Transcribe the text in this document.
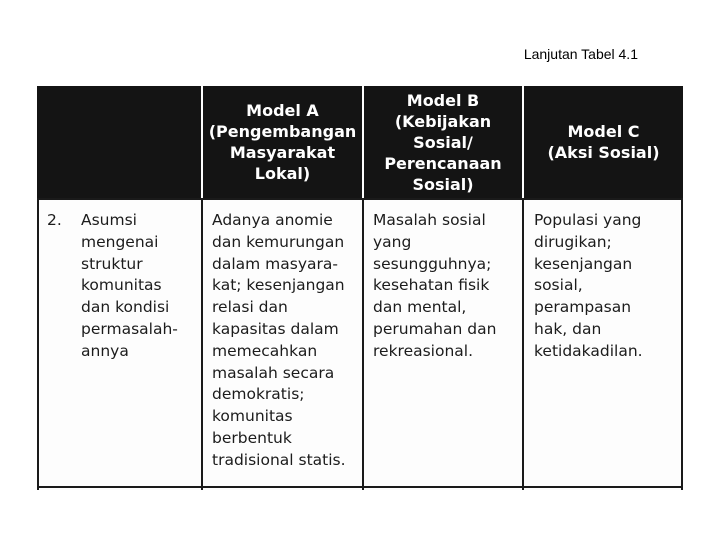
Lanjutan Tabel 4.1
Model A
(Pengembangan
Masyarakat
Lokal)
Model B
(Kebijakan Sosial/
Perencanaan
Sosial)
Model C
(Aksi Sosial)
2. Asumsi
mengenai
struktur
komunitas
dan kondisi
permasalah-
annya
Adanya anomie
dan kemurungan
dalam masyara-
kat; kesenjangan
relasi dan
kapasitas dalam
memecahkan
masalah secara
demokratis;
komunitas
berbentuk
tradisional statis.
Masalah sosial
yang
sesungguhnya;
kesehatan fisik
dan mental,
perumahan dan
rekreasional.
Populasi yang
dirugikan;
kesenjangan
sosial,
perampasan
hak, dan
ketidakadilan.
